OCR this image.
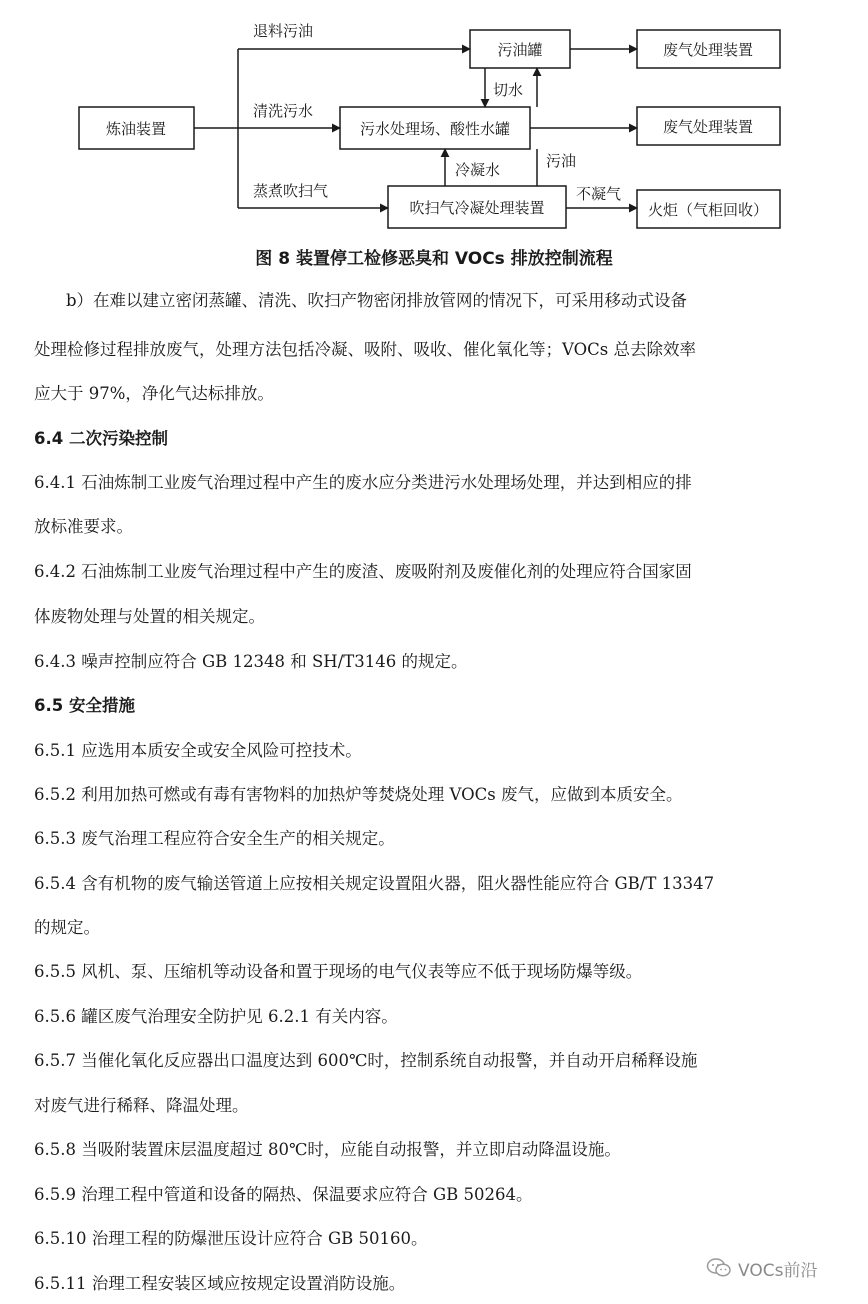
炼油装置
污油罐
污水处理场、酸性水罐
吹扫气冷凝处理装置
废气处理装置
废气处理装置
火炬（气柜回收）
退料污油
清洗污水
蒸煮吹扫气
切水
冷凝水	污油
不凝气
图 8 装置停工检修恶臭和 VOCs 排放控制流程
b）在难以建立密闭蒸罐、清洗、吹扫产物密闭排放管网的情况下，可采用移动式设备
处理检修过程排放废气，处理方法包括冷凝、吸附、吸收、催化氧化等；VOCs 总去除效率
应大于 97%，净化气达标排放。
6.4 二次污染控制
6.4.1 石油炼制工业废气治理过程中产生的废水应分类进污水处理场处理，并达到相应的排
放标准要求。
6.4.2 石油炼制工业废气治理过程中产生的废渣、废吸附剂及废催化剂的处理应符合国家固
体废物处理与处置的相关规定。
6.4.3 噪声控制应符合 GB 12348 和 SH/T3146 的规定。
6.5 安全措施
6.5.1 应选用本质安全或安全风险可控技术。
6.5.2 利用加热可燃或有毒有害物料的加热炉等焚烧处理 VOCs 废气，应做到本质安全。
6.5.3 废气治理工程应符合安全生产的相关规定。
6.5.4 含有机物的废气输送管道上应按相关规定设置阻火器，阻火器性能应符合 GB/T 13347
的规定。
6.5.5 风机、泵、压缩机等动设备和置于现场的电气仪表等应不低于现场防爆等级。
6.5.6 罐区废气治理安全防护见 6.2.1 有关内容。
6.5.7 当催化氧化反应器出口温度达到 600℃时，控制系统自动报警，并自动开启稀释设施
对废气进行稀释、降温处理。
6.5.8 当吸附装置床层温度超过 80℃时，应能自动报警，并立即启动降温设施。
6.5.9 治理工程中管道和设备的隔热、保温要求应符合 GB 50264。
6.5.10 治理工程的防爆泄压设计应符合 GB 50160。
6.5.11 治理工程安装区域应按规定设置消防设施。
VOCs前沿
